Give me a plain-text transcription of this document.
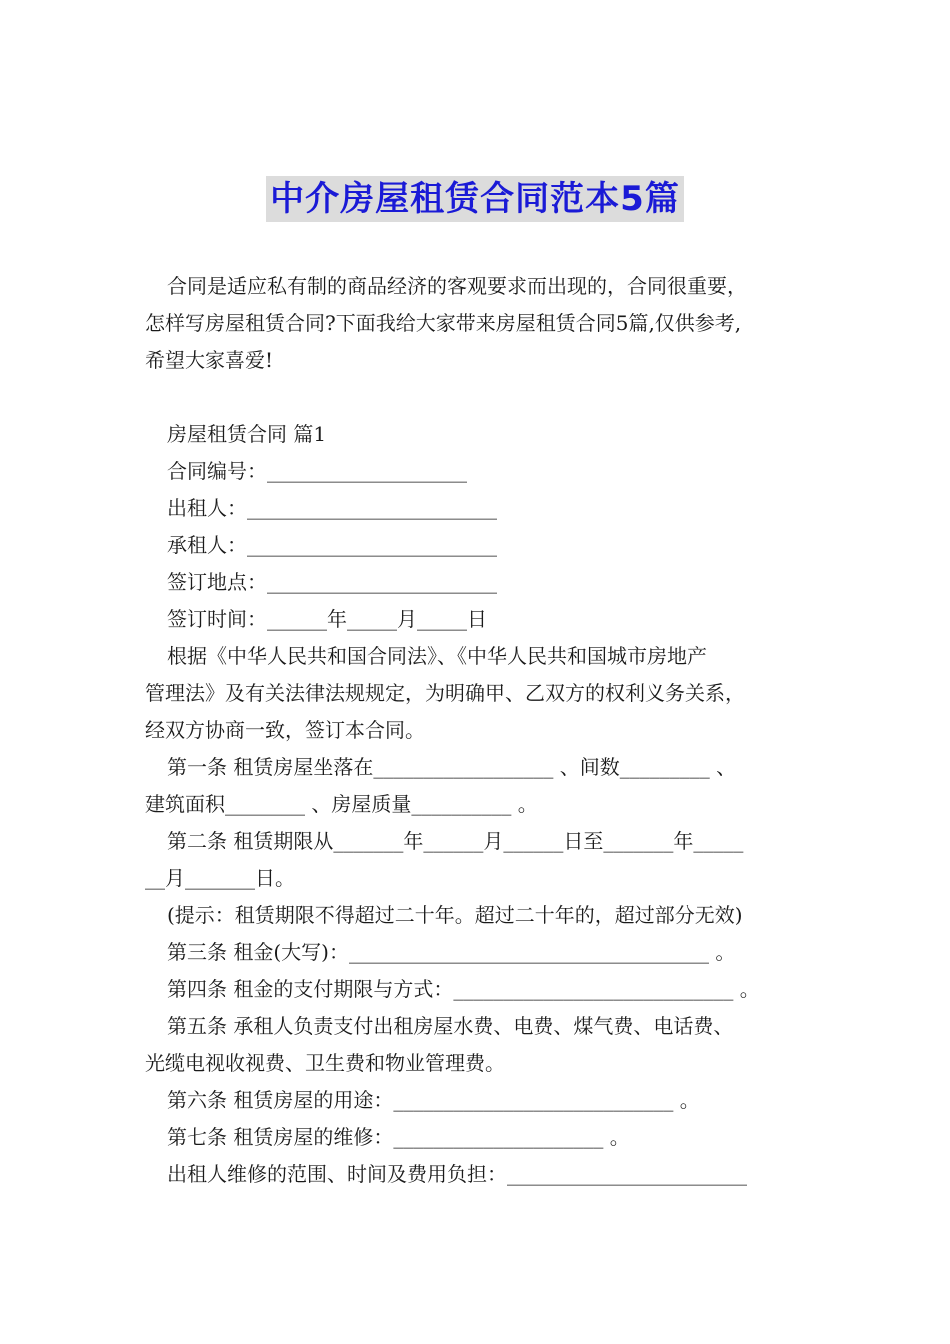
中介房屋租赁合同范本5篇
合同是适应私有制的商品经济的客观要求而出现的，合同很重要，
怎样写房屋租赁合同?下面我给大家带来房屋租赁合同5篇,仅供参考,
希望大家喜爱!
房屋租赁合同 篇1
合同编号：____________________
出租人：_________________________
承租人：_________________________
签订地点：_______________________
签订时间：______年_____月_____日
根据《中华人民共和国合同法》、《中华人民共和国城市房地产
管理法》及有关法律法规规定，为明确甲、乙双方的权利义务关系，
经双方协商一致，签订本合同。
第一条 租赁房屋坐落在__________________ 、间数_________ 、
建筑面积________ 、房屋质量__________ 。
第二条 租赁期限从_______年______月______日至_______年_____
__月_______日。
(提示：租赁期限不得超过二十年。超过二十年的，超过部分无效)
第三条 租金(大写)：____________________________________ 。
第四条 租金的支付期限与方式：____________________________ 。
第五条 承租人负责支付出租房屋水费、电费、煤气费、电话费、
光缆电视收视费、卫生费和物业管理费。
第六条 租赁房屋的用途：____________________________ 。
第七条 租赁房屋的维修：_____________________ 。
出租人维修的范围、时间及费用负担：________________________
